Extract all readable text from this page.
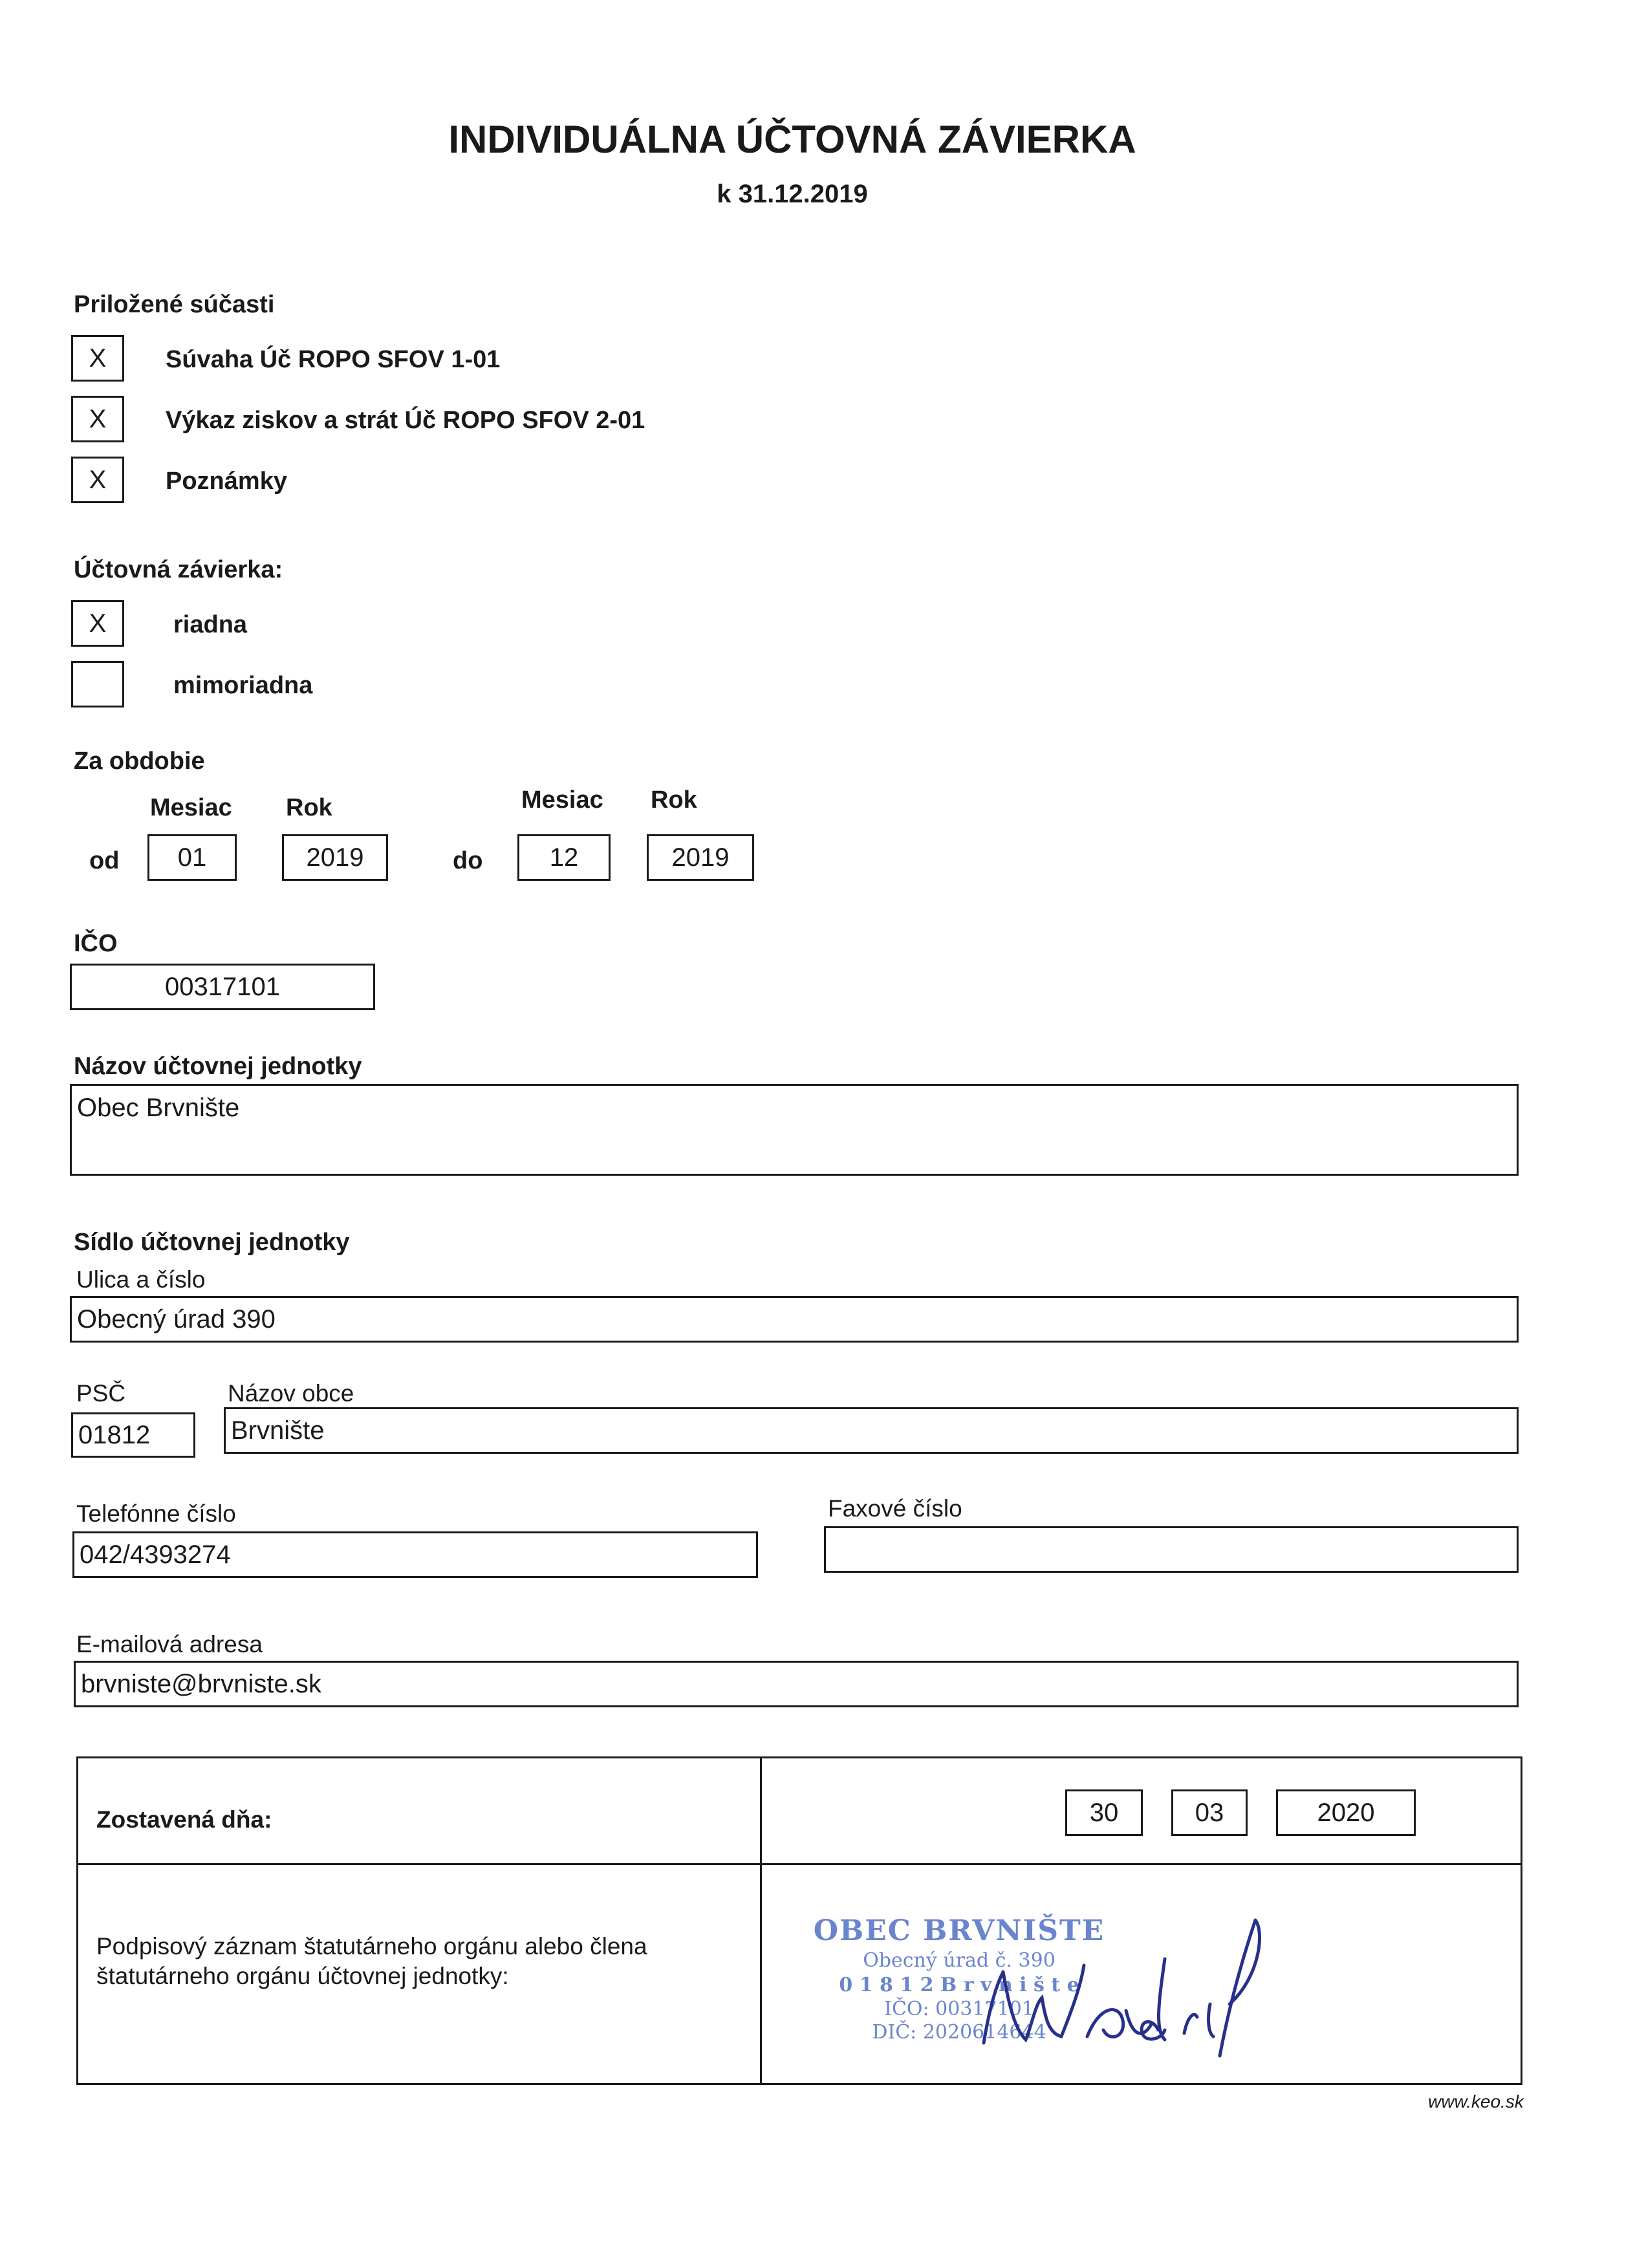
INDIVIDUÁLNA ÚČTOVNÁ ZÁVIERKA
k 31.12.2019
Priložené súčasti
X	Súvaha Úč ROPO SFOV 1-01
X	Výkaz ziskov a strát Úč ROPO SFOV 2-01
X	Poznámky
Účtovná závierka:
X	riadna
mimoriadna
Za obdobie
Mesiac Rok	Mesiac Rok
od 01	2019	do	12	2019
IČO
00317101
Názov účtovnej jednotky
Obec Brvnište
Sídlo účtovnej jednotky
Ulica a číslo
Obecný úrad 390
PSČ	Názov obce
01812	Brvnište
Telefónne číslo
042/4393274
Faxové číslo
E-mailová adresa
brvniste@brvniste.sk
Zostavená dňa:	30	03	2020
Podpisový záznam štatutárneho orgánu alebo člena
štatutárneho orgánu účtovnej jednotky:
OBEC BRVNIŠTE
Obecný úrad č. 390
0 1 8 1 2 B r v n i š t e
IČO: 00317101
DIČ: 2020614644
www.keo.sk
